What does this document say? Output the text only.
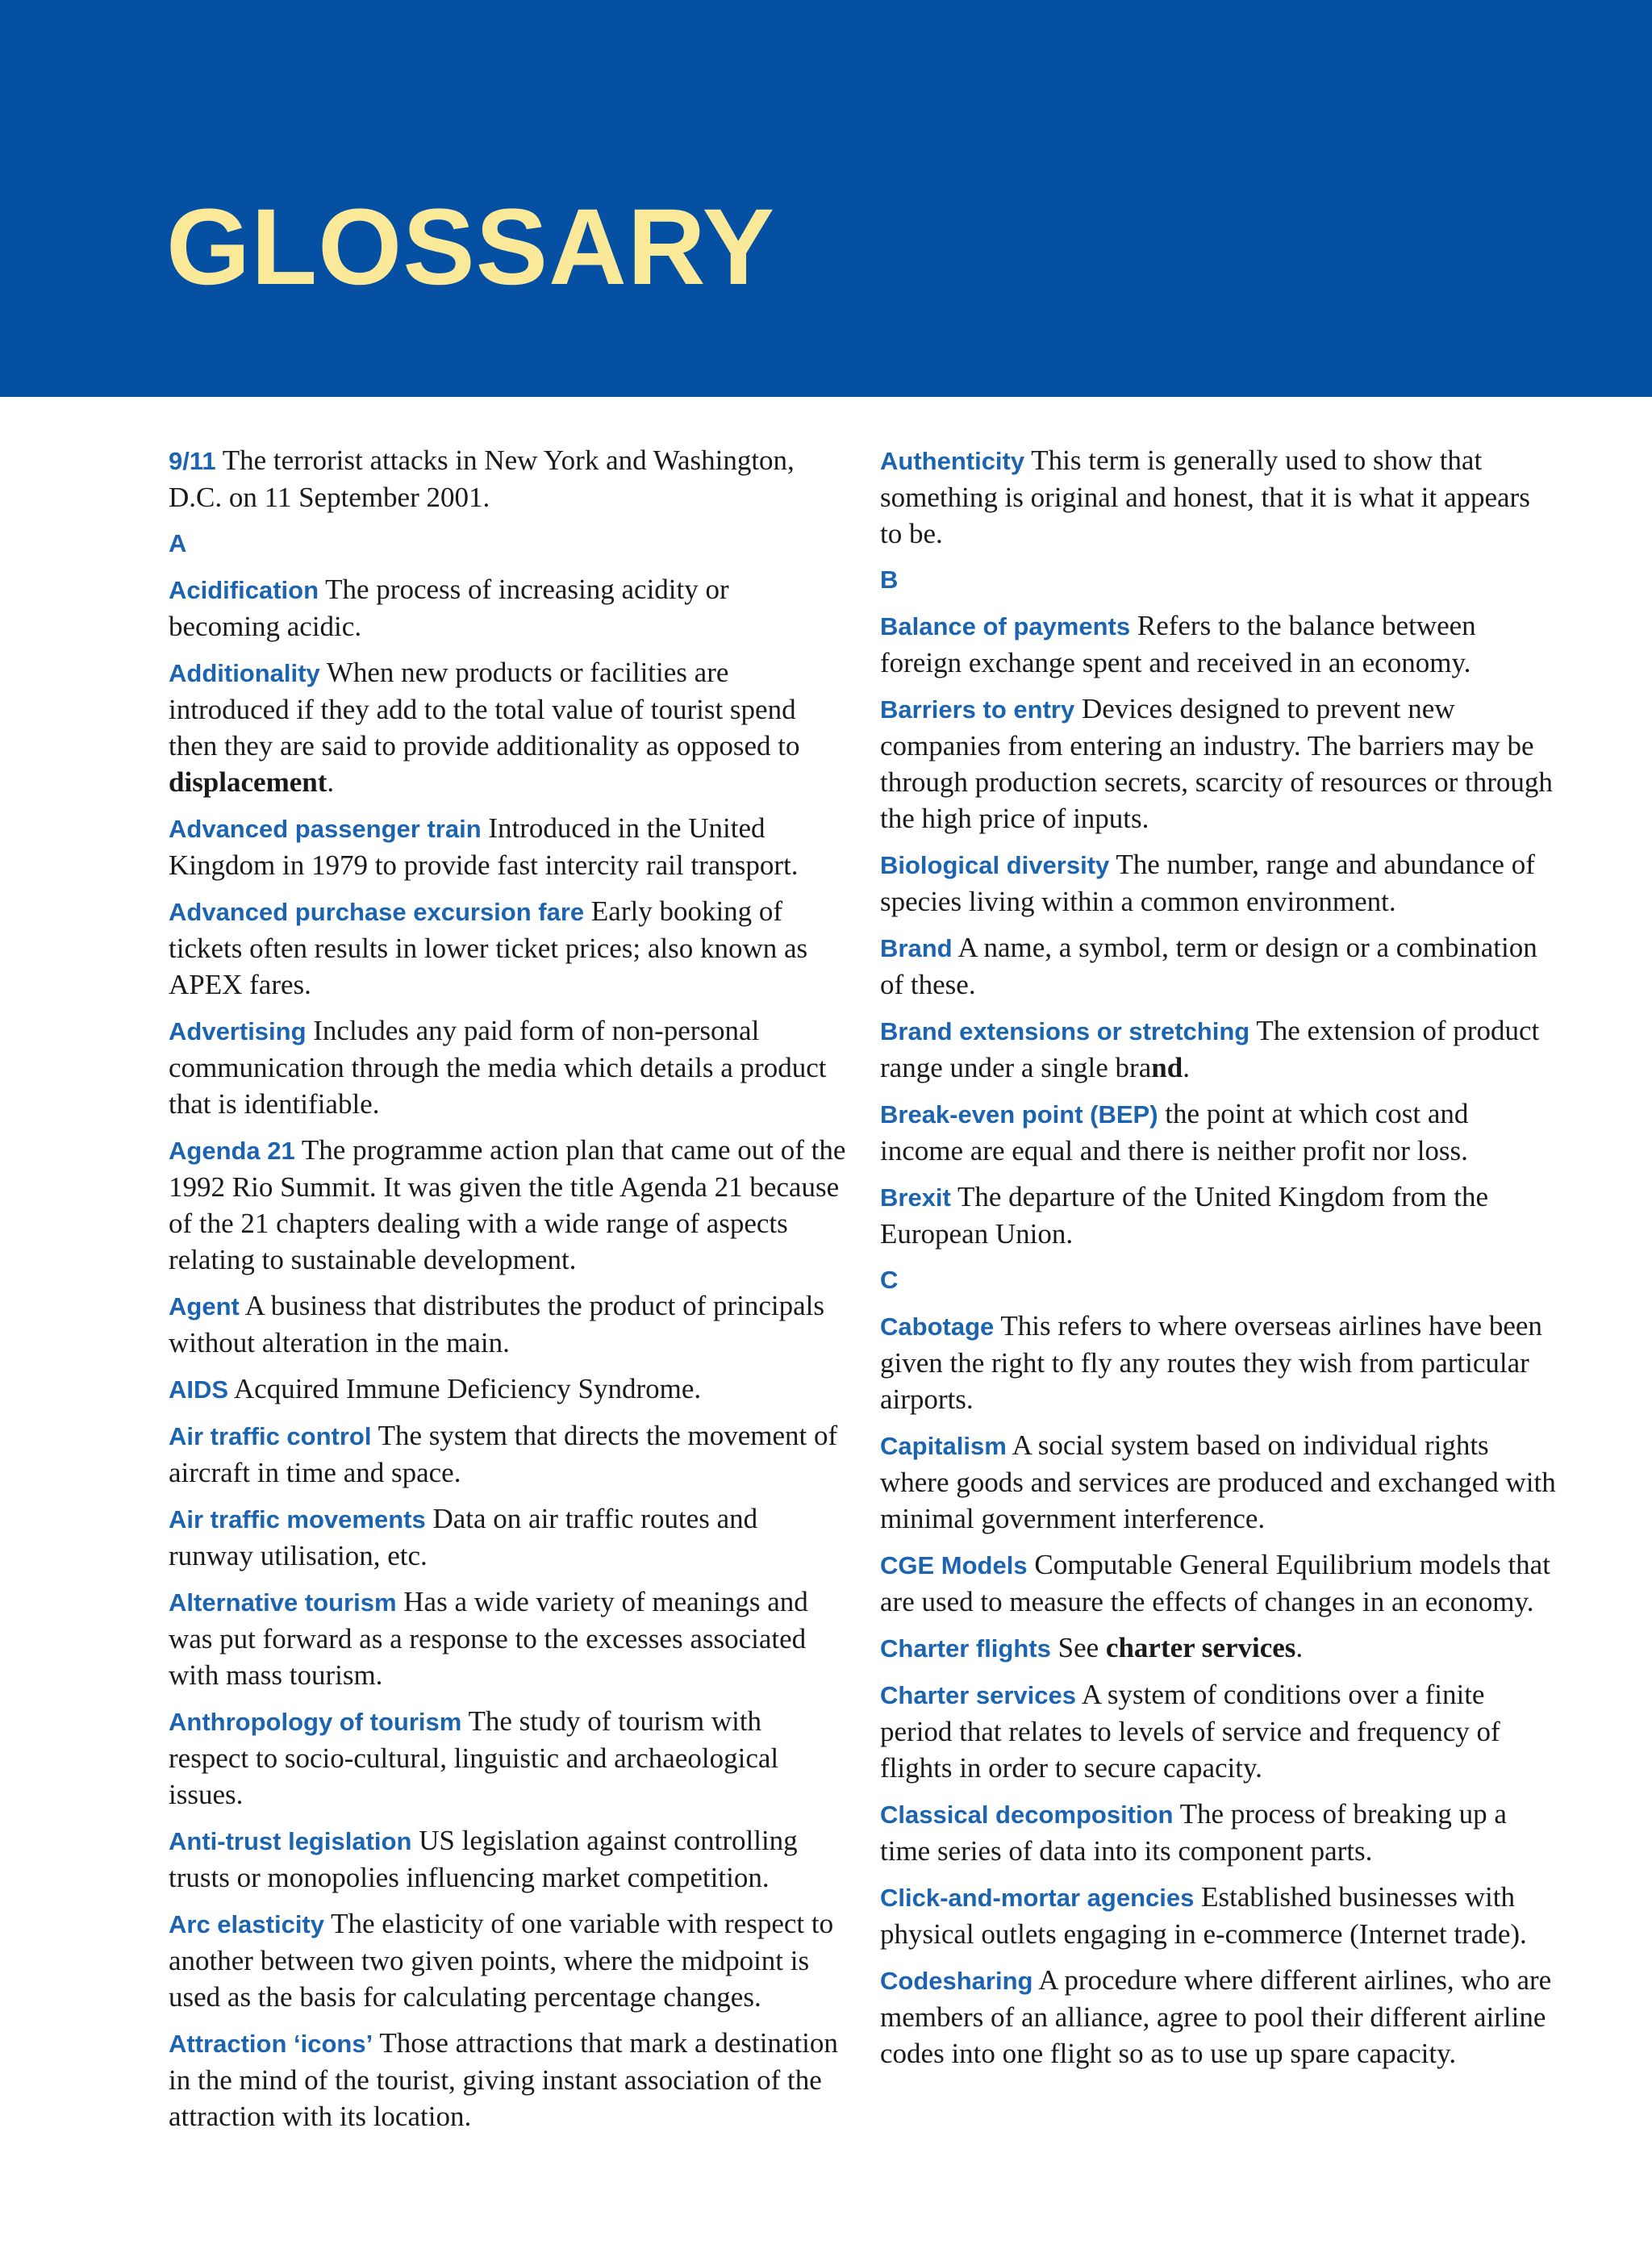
GLOSSARY

9/11 The terrorist attacks in New York and Washington, D.C. on 11 September 2001.

A

Acidification The process of increasing acidity or becoming acidic.

Additionality When new products or facilities are introduced if they add to the total value of tourist spend then they are said to provide additionality as opposed to displacement.

Advanced passenger train Introduced in the United Kingdom in 1979 to provide fast intercity rail transport.

Advanced purchase excursion fare Early booking of tickets often results in lower ticket prices; also known as APEX fares.

Advertising Includes any paid form of non-personal communication through the media which details a product that is identifiable.

Agenda 21 The programme action plan that came out of the 1992 Rio Summit. It was given the title Agenda 21 because of the 21 chapters dealing with a wide range of aspects relating to sustainable development.

Agent A business that distributes the product of principals without alteration in the main.

AIDS Acquired Immune Deficiency Syndrome.

Air traffic control The system that directs the movement of aircraft in time and space.

Air traffic movements Data on air traffic routes and runway utilisation, etc.

Alternative tourism Has a wide variety of meanings and was put forward as a response to the excesses associated with mass tourism.

Anthropology of tourism The study of tourism with respect to socio-cultural, linguistic and archaeological issues.

Anti-trust legislation US legislation against controlling trusts or monopolies influencing market competition.

Arc elasticity The elasticity of one variable with respect to another between two given points, where the midpoint is used as the basis for calculating percentage changes.

Attraction ‘icons’ Those attractions that mark a destination in the mind of the tourist, giving instant association of the attraction with its location.

Authenticity This term is generally used to show that something is original and honest, that it is what it appears to be.

B

Balance of payments Refers to the balance between foreign exchange spent and received in an economy.

Barriers to entry Devices designed to prevent new companies from entering an industry. The barriers may be through production secrets, scarcity of resources or through the high price of inputs.

Biological diversity The number, range and abundance of species living within a common environment.

Brand A name, a symbol, term or design or a combination of these.

Brand extensions or stretching The extension of product range under a single brand.

Break-even point (BEP) the point at which cost and income are equal and there is neither profit nor loss.

Brexit The departure of the United Kingdom from the European Union.

C

Cabotage This refers to where overseas airlines have been given the right to fly any routes they wish from particular airports.

Capitalism A social system based on individual rights where goods and services are produced and exchanged with minimal government interference.

CGE Models Computable General Equilibrium models that are used to measure the effects of changes in an economy.

Charter flights See charter services.

Charter services A system of conditions over a finite period that relates to levels of service and frequency of flights in order to secure capacity.

Classical decomposition The process of breaking up a time series of data into its component parts.

Click-and-mortar agencies Established businesses with physical outlets engaging in e-commerce (Internet trade).

Codesharing A procedure where different airlines, who are members of an alliance, agree to pool their different airline codes into one flight so as to use up spare capacity.
